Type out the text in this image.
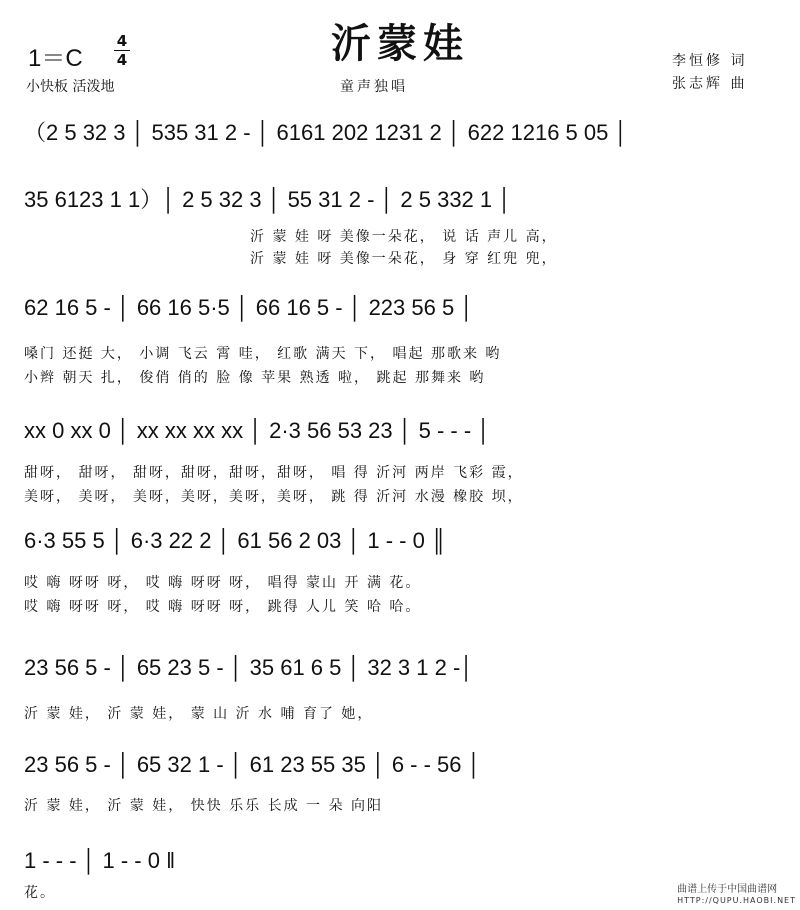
沂蒙娃
1＝C
4
4
小快板 活泼地	童声独唱
李恒修 词
张志辉 曲
（2 5 32 3 │ 535 31 2 - │ 6161 202 1231 2 │ 622 1216 5 05 │
35 6123 1 1）│ 2 5 32 3 │ 55 31 2 - │ 2 5 332 1 │
沂 蒙 娃 呀 美像一朵花， 说 话 声儿 高，
沂 蒙 娃 呀 美像一朵花， 身 穿 红兜 兜，
62 16 5 - │ 66 16 5·5 │ 66 16 5 - │ 223 56 5 │
嗓门 还挺 大， 小调 飞云 霄 哇， 红歌 满天 下， 唱起 那歌来 哟
小辫 朝天 扎， 俊俏 俏的 脸 像 苹果 熟透 啦， 跳起 那舞来 哟
xx 0 xx 0 │ xx xx xx xx │ 2·3 56 53 23 │ 5 - - - │
甜呀， 甜呀， 甜呀，甜呀，甜呀，甜呀， 唱 得 沂河 两岸 飞彩 霞，
美呀， 美呀， 美呀，美呀，美呀，美呀， 跳 得 沂河 水漫 橡胶 坝，
6·3 55 5 │ 6·3 22 2 │ 61 56 2 03 │ 1 - - 0 ║
哎 嗨 呀呀 呀， 哎 嗨 呀呀 呀， 唱得 蒙山 开 满 花。
哎 嗨 呀呀 呀， 哎 嗨 呀呀 呀， 跳得 人儿 笑 哈 哈。
23 56 5 - │ 65 23 5 - │ 35 61 6 5 │ 32 3 1 2 -│
沂 蒙 娃， 沂 蒙 娃， 蒙 山 沂 水 哺 育了 她，
23 56 5 - │ 65 32 1 - │ 61 23 55 35 │ 6 - - 56 │
沂 蒙 娃， 沂 蒙 娃， 快快 乐乐 长成 一 朵 向阳
1 - - - │ 1 - - 0 ‖
花。	曲谱上传于中国曲谱网
HTTP://QUPU.HAOBI.NET
